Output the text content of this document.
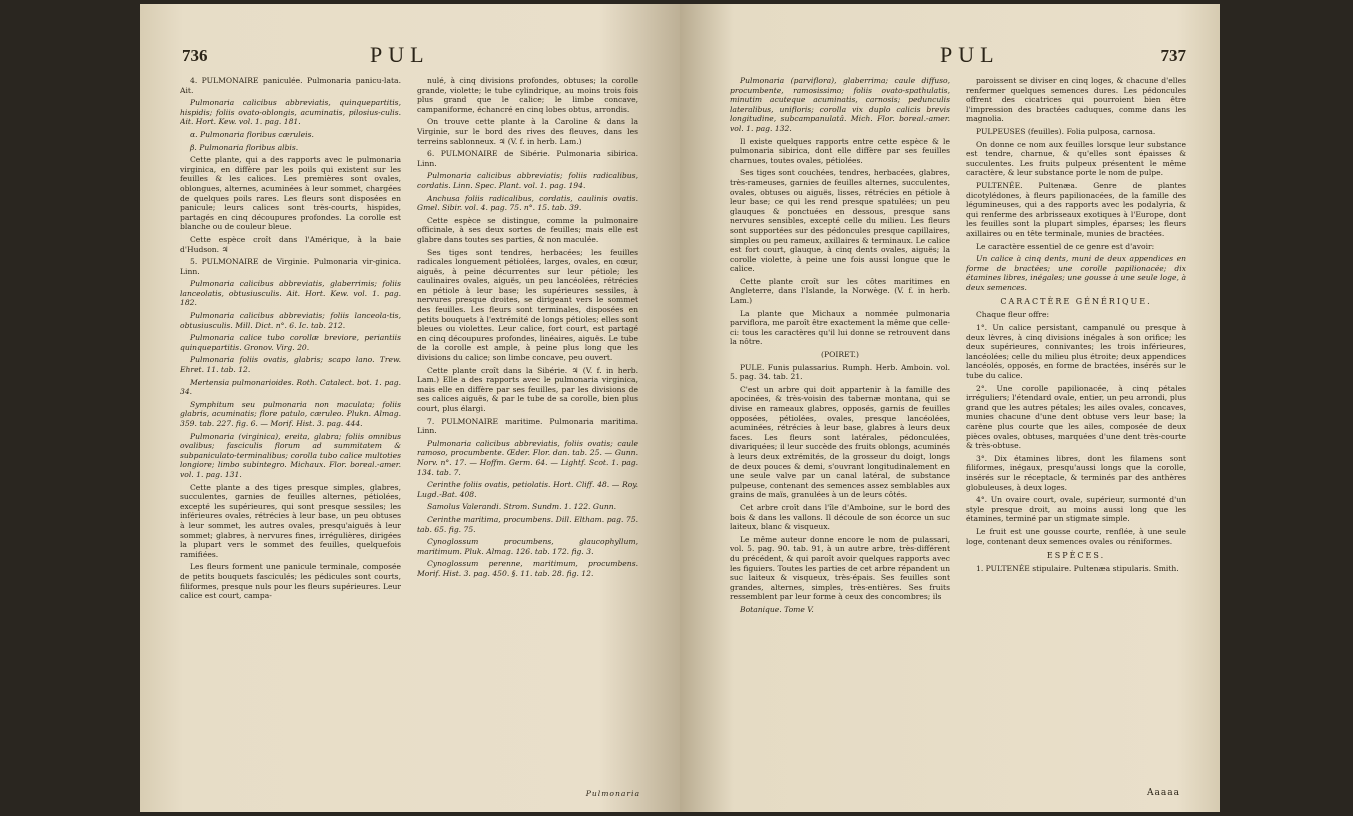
736	PUL

4. PULMONAIRE paniculée. Pulmonaria panicu-lata. Ait.

Pulmonaria calicibus abbreviatis, quinquepartitis, hispidis; foliis ovato-oblongis, acuminatis, pilosius-culis. Ait. Hort. Kew. vol. 1. pag. 181.

α. Pulmonaria floribus cæruleis.

β. Pulmonaria floribus albis.

Cette plante, qui a des rapports avec le pulmonaria virginica, en diffère par les poils qui existent sur les feuilles & les calices. Les premières sont ovales, oblongues, alternes, acuminées à leur sommet, chargées de quelques poils rares. Les fleurs sont disposées en panicule; leurs calices sont très-courts, hispides, partagés en cinq découpures profondes. La corolle est blanche ou de couleur bleue.

Cette espèce croît dans l'Amérique, à la baie d'Hudson. ♃

5. PULMONAIRE de Virginie. Pulmonaria vir-ginica. Linn.

Pulmonaria calicibus abbreviatis, glaberrimis; foliis lanceolatis, obtusiusculis. Ait. Hort. Kew. vol. 1. pag. 182.

Pulmonaria calicibus abbreviatis; foliis lanceola-tis, obtusiusculis. Mill. Dict. n°. 6. Ic. tab. 212.

Pulmonaria calice tubo corollæ breviore, periantiis quinquepartitis. Gronov. Virg. 20.

Pulmonaria foliis ovatis, glabris; scapo lano. Trew. Ehret. 11. tab. 12.

Mertensia pulmonarioides. Roth. Catalect. bot. 1. pag. 34.

Symphitum seu pulmonaria non maculata; foliis glabris, acuminatis; flore patulo, cæruleo. Plukn. Almag. 359. tab. 227. fig. 6. — Morif. Hist. 3. pag. 444.

Pulmonaria (virginica), ereita, glabra; foliis omnibus ovalibus; fasciculis florum ad summitatem & subpaniculato-terminalibus; corolla tubo calice multoties longiore; limbo subintegro. Michaux. Flor. boreal.-amer. vol. 1. pag. 131.

Cette plante a des tiges presque simples, glabres, succulentes, garnies de feuilles alternes, pétiolées, excepté les supérieures, qui sont presque sessiles; les inférieures ovales, rétrécies à leur base, un peu obtuses à leur sommet, les autres ovales, presqu'aiguës à leur sommet; glabres, à nervures fines, irrégulières, dirigées la plupart vers le sommet des feuilles, quelquefois ramifiées.

Les fleurs forment une panicule terminale, composée de petits bouquets fasciculés; les pédicules sont courts, filiformes, presque nuls pour les fleurs supérieures. Leur calice est court, campa-

nulé, à cinq divisions profondes, obtuses; la corolle grande, violette; le tube cylindrique, au moins trois fois plus grand que le calice; le limbe concave, campaniforme, échancré en cinq lobes obtus, arrondis.

On trouve cette plante à la Caroline & dans la Virginie, sur le bord des rives des fleuves, dans les terreins sablonneux. ♃ (V. f. in herb. Lam.)

6. PULMONAIRE de Sibérie. Pulmonaria sibirica. Linn.

Pulmonaria calicibus abbreviatis; foliis radicalibus, cordatis. Linn. Spec. Plant. vol. 1. pag. 194.

Anchusa foliis radicalibus, cordatis, caulinis ovatis. Gmel. Sibir. vol. 4. pag. 75. n°. 15. tab. 39.

Cette espèce se distingue, comme la pulmonaire officinale, à ses deux sortes de feuilles; mais elle est glabre dans toutes ses parties, & non maculée.

Ses tiges sont tendres, herbacées; les feuilles radicales longuement pétiolées, larges, ovales, en cœur, aiguës, à peine décurrentes sur leur pétiole; les caulinaires ovales, aiguës, un peu lancéolées, rétrécies en pétiole à leur base; les supérieures sessiles, à nervures presque droites, se dirigeant vers le sommet des feuilles. Les fleurs sont terminales, disposées en petits bouquets à l'extrémité de longs pétioles; elles sont bleues ou violettes. Leur calice, fort court, est partagé en cinq découpures profondes, linéaires, aiguës. Le tube de la corolle est ample, à peine plus long que les divisions du calice; son limbe concave, peu ouvert.

Cette plante croît dans la Sibérie. ♃ (V. f. in herb. Lam.) Elle a des rapports avec le pulmonaria virginica, mais elle en diffère par ses feuilles, par les divisions de ses calices aiguës, & par le tube de sa corolle, bien plus court, plus élargi.

7. PULMONAIRE maritime. Pulmonaria maritima. Linn.

Pulmonaria calicibus abbreviatis, foliis ovatis; caule ramoso, procumbente. Œder. Flor. dan. tab. 25. — Gunn. Norv. n°. 17. — Hoffm. Germ. 64. — Lightf. Scot. 1. pag. 134. tab. 7.

Cerinthe foliis ovatis, petiolatis. Hort. Cliff. 48. — Roy. Lugd.-Bat. 408.

Samolus Valerandi. Strom. Sundm. 1. 122. Gunn.

Cerinthe maritima, procumbens. Dill. Eltham. pag. 75. tab. 65. fig. 75.

Cynoglossum procumbens, glaucophyllum, maritimum. Pluk. Almag. 126. tab. 172. fig. 3.

Cynoglossum perenne, maritimum, procumbens. Morif. Hist. 3. pag. 450. §. 11. tab. 28. fig. 12.

Pulmonaria
PUL	737

Pulmonaria (parviflora), glaberrima; caule diffuso, procumbente, ramosissimo; foliis ovato-spathulatis, minutim acuteque acuminatis, carnosis; pedunculis lateralibus, unifloris; corolla vix duplo calicis brevis longitudine, subcampanulatâ. Mich. Flor. boreal.-amer. vol. 1. pag. 132.

Il existe quelques rapports entre cette espèce & le pulmonaria sibirica, dont elle diffère par ses feuilles charnues, toutes ovales, pétiolées.

Ses tiges sont couchées, tendres, herbacées, glabres, très-rameuses, garnies de feuilles alternes, succulentes, ovales, obtuses ou aiguës, lisses, rétrécies en pétiole à leur base; ce qui les rend presque spatulées; un peu glauques & ponctuées en dessous, presque sans nervures sensibles, excepté celle du milieu. Les fleurs sont supportées sur des pédoncules presque capillaires, simples ou peu rameux, axillaires & terminaux. Le calice est fort court, glauque, à cinq dents ovales, aiguës; la corolle violette, à peine une fois aussi longue que le calice.

Cette plante croît sur les côtes maritimes en Angleterre, dans l'Islande, la Norwège. (V. f. in herb. Lam.)

La plante que Michaux a nommée pulmonaria parviflora, me paroît être exactement la même que celle-ci: tous les caractères qu'il lui donne se retrouvent dans la nôtre.

(POIRET.)

PULE. Funis pulassarius. Rumph. Herb. Amboin. vol. 5. pag. 34. tab. 21.

C'est un arbre qui doit appartenir à la famille des apocinées, & très-voisin des tabernæ montana, qui se divise en rameaux glabres, opposés, garnis de feuilles opposées, pétiolées, ovales, presque lancéolées, acuminées, rétrécies à leur base, glabres à leurs deux faces. Les fleurs sont latérales, pédonculées, divariquées; il leur succède des fruits oblongs, acuminés à leurs deux extrémités, de la grosseur du doigt, longs de deux pouces & demi, s'ouvrant longitudinalement en une seule valve par un canal latéral, de substance pulpeuse, contenant des semences assez semblables aux grains de maïs, granulées à un de leurs côtés.

Cet arbre croît dans l'île d'Amboine, sur le bord des bois & dans les vallons. Il découle de son écorce un suc laiteux, blanc & visqueux.

Le même auteur donne encore le nom de pulassari, vol. 5. pag. 90. tab. 91, à un autre arbre, très-différent du précédent, & qui paroît avoir quelques rapports avec les figuiers. Toutes les parties de cet arbre répandent un suc laiteux & visqueux, très-épais. Ses feuilles sont grandes, alternes, simples, très-entières. Ses fruits ressemblent par leur forme à ceux des concombres; ils

Botanique. Tome V.

paroissent se diviser en cinq loges, & chacune d'elles renfermer quelques semences dures. Les pédoncules offrent des cicatrices qui pourroient bien être l'impression des bractées caduques, comme dans les magnolia.

PULPEUSES (feuilles). Folia pulposa, carnosa.

On donne ce nom aux feuilles lorsque leur substance est tendre, charnue, & qu'elles sont épaisses & succulentes. Les fruits pulpeux présentent le même caractère, & leur substance porte le nom de pulpe.

PULTENÉE. Pultenæa. Genre de plantes dicotylédones, à fleurs papilionacées, de la famille des légumineuses, qui a des rapports avec les podalyria, & qui renferme des arbrisseaux exotiques à l'Europe, dont les feuilles sont la plupart simples, éparses; les fleurs axillaires ou en tête terminale, munies de bractées.

Le caractère essentiel de ce genre est d'avoir:

Un calice à cinq dents, muni de deux appendices en forme de bractées; une corolle papilionacée; dix étamines libres, inégales; une gousse à une seule loge, à deux semences.

CARACTÈRE GÉNÉRIQUE.

Chaque fleur offre:

1°. Un calice persistant, campanulé ou presque à deux lèvres, à cinq divisions inégales à son orifice; les deux supérieures, connivantes; les trois inférieures, lancéolées; celle du milieu plus étroite; deux appendices lancéolés, opposés, en forme de bractées, insérés sur le tube du calice.

2°. Une corolle papilionacée, à cinq pétales irréguliers; l'étendard ovale, entier, un peu arrondi, plus grand que les autres pétales; les ailes ovales, concaves, munies chacune d'une dent obtuse vers leur base; la carène plus courte que les ailes, composée de deux pièces ovales, obtuses, marquées d'une dent très-courte & très-obtuse.

3°. Dix étamines libres, dont les filamens sont filiformes, inégaux, presqu'aussi longs que la corolle, insérés sur le réceptacle, & terminés par des anthères globuleuses, à deux loges.

4°. Un ovaire court, ovale, supérieur, surmonté d'un style presque droit, au moins aussi long que les étamines, terminé par un stigmate simple.

Le fruit est une gousse courte, renflée, à une seule loge, contenant deux semences ovales ou réniformes.

ESPÈCES.

1. PULTENÉE stipulaire. Pultenæa stipularis. Smith.

Aaaaa
